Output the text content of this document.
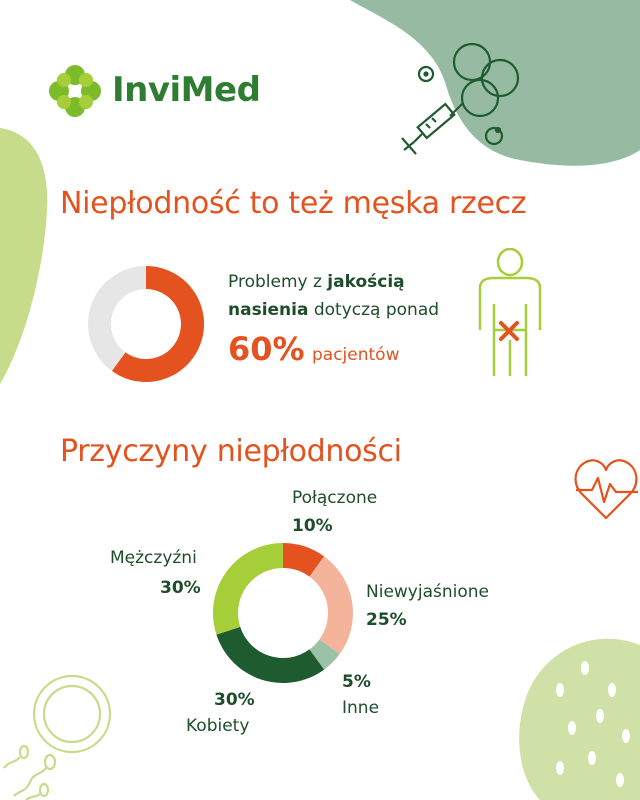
InviMed
Niepłodność to też męska rzecz
Problemy z jakością
nasienia dotyczą ponad
60% pacjentów
Przyczyny niepłodności
Połączone
10%
Niewyjaśnione
25%
5%
Inne
30%
Kobiety
Mężczyźni
30%
